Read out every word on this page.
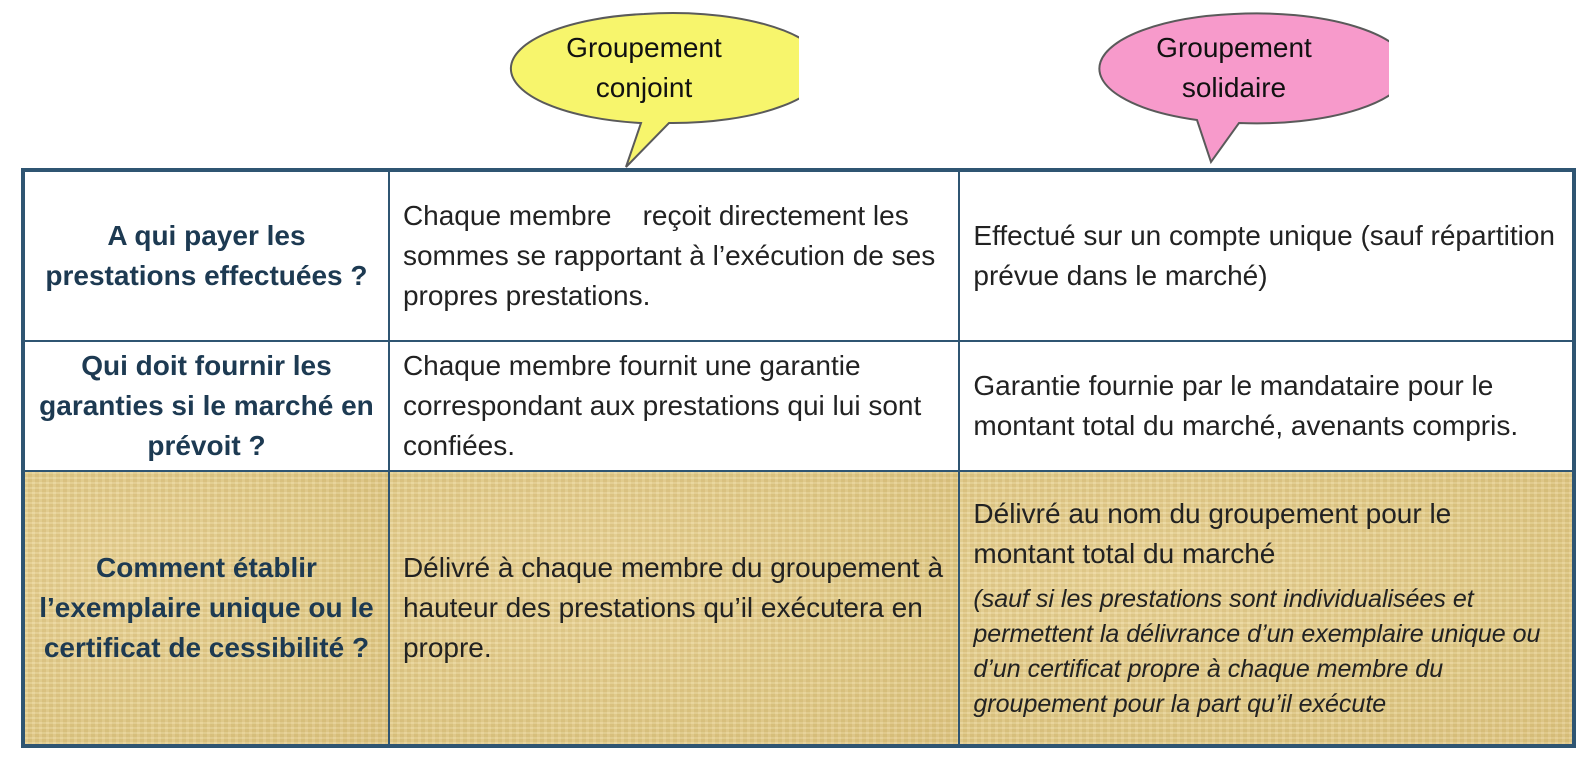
Groupement
conjoint
Groupement
solidaire
A qui payer les prestations effectuées ?	Chaque membre    reçoit directement les sommes se rapportant à l’exécution de ses propres prestations.	Effectué sur un compte unique (sauf répartition prévue dans le marché)
Qui doit fournir les garanties si le marché en prévoit ?	Chaque membre fournit une garantie correspondant aux prestations qui lui sont confiées.	Garantie fournie par le mandataire pour le montant total du marché, avenants compris.
Comment établir l’exemplaire unique ou le certificat de cessibilité ?	Délivré à chaque membre du groupement à hauteur des prestations qu’il exécutera en propre.	Délivré au nom du groupement pour le montant total du marché
(sauf si les prestations sont individualisées et permettent la délivrance d’un exemplaire unique ou d’un certificat propre à chaque membre du groupement pour la part qu’il exécute
